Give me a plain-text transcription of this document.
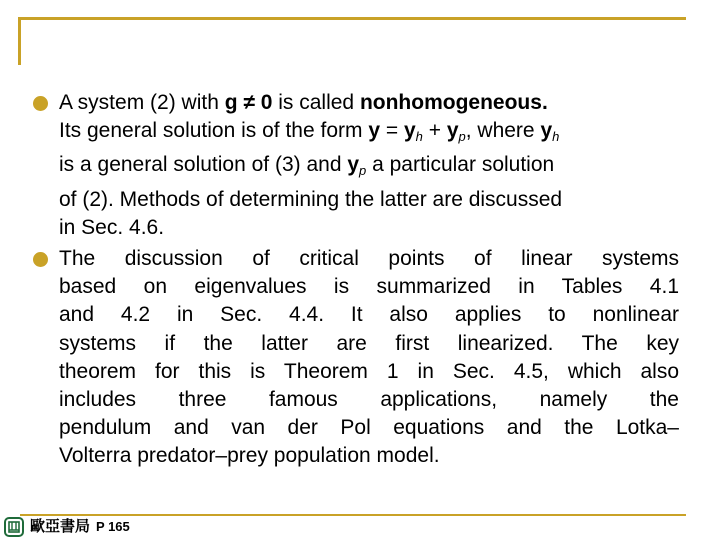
A system (2) with g ≠ 0 is called nonhomogeneous.
Its general solution is of the form $y = y_h + y_p$, where $y_h$
is a general solution of (3) and $y_p$ a particular solution
of (2). Methods of determining the latter are discussed
in Sec. 4.6.
The discussion of critical points of linear systems
based on eigenvalues is summarized in Tables 4.1
and 4.2 in Sec. 4.4. It also applies to nonlinear
systems if the latter are first linearized. The key
theorem for this is Theorem 1 in Sec. 4.5, which also
includes three famous applications, namely the
pendulum and van der Pol equations and the Lotka–
Volterra predator–prey population model.
歐亞書局 P 165
